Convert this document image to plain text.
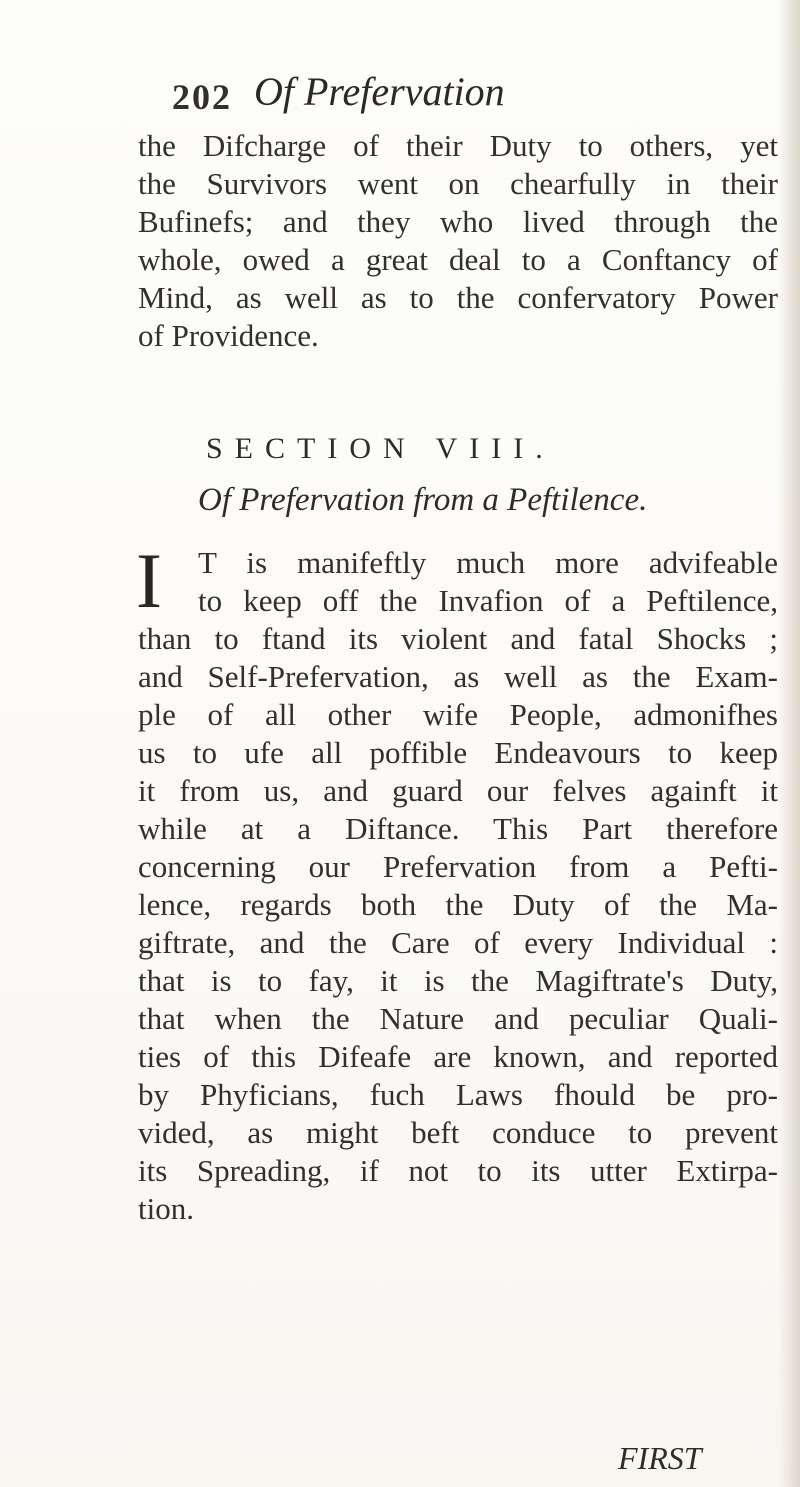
202 Of Prefervation
the Difcharge of their Duty to others, yet
the Survivors went on chearfully in their
Bufinefs; and they who lived through the
whole, owed a great deal to a Conftancy of
Mind, as well as to the confervatory Power
of Providence.
SECTION VIII.
Of Prefervation from a Peftilence.
I T is manifeftly much more advifeable
to keep off the Invafion of a Peftilence,
than to ftand its violent and fatal Shocks ;
and Self-Prefervation, as well as the Exam-
ple of all other wife People, admonifhes
us to ufe all poffible Endeavours to keep
it from us, and guard our felves againft it
while at a Diftance. This Part therefore
concerning our Prefervation from a Pefti-
lence, regards both the Duty of the Ma-
giftrate, and the Care of every Individual :
that is to fay, it is the Magiftrate's Duty,
that when the Nature and peculiar Quali-
ties of this Difeafe are known, and reported
by Phyficians, fuch Laws fhould be pro-
vided, as might beft conduce to prevent
its Spreading, if not to its utter Extirpa-
tion.
FIRST
